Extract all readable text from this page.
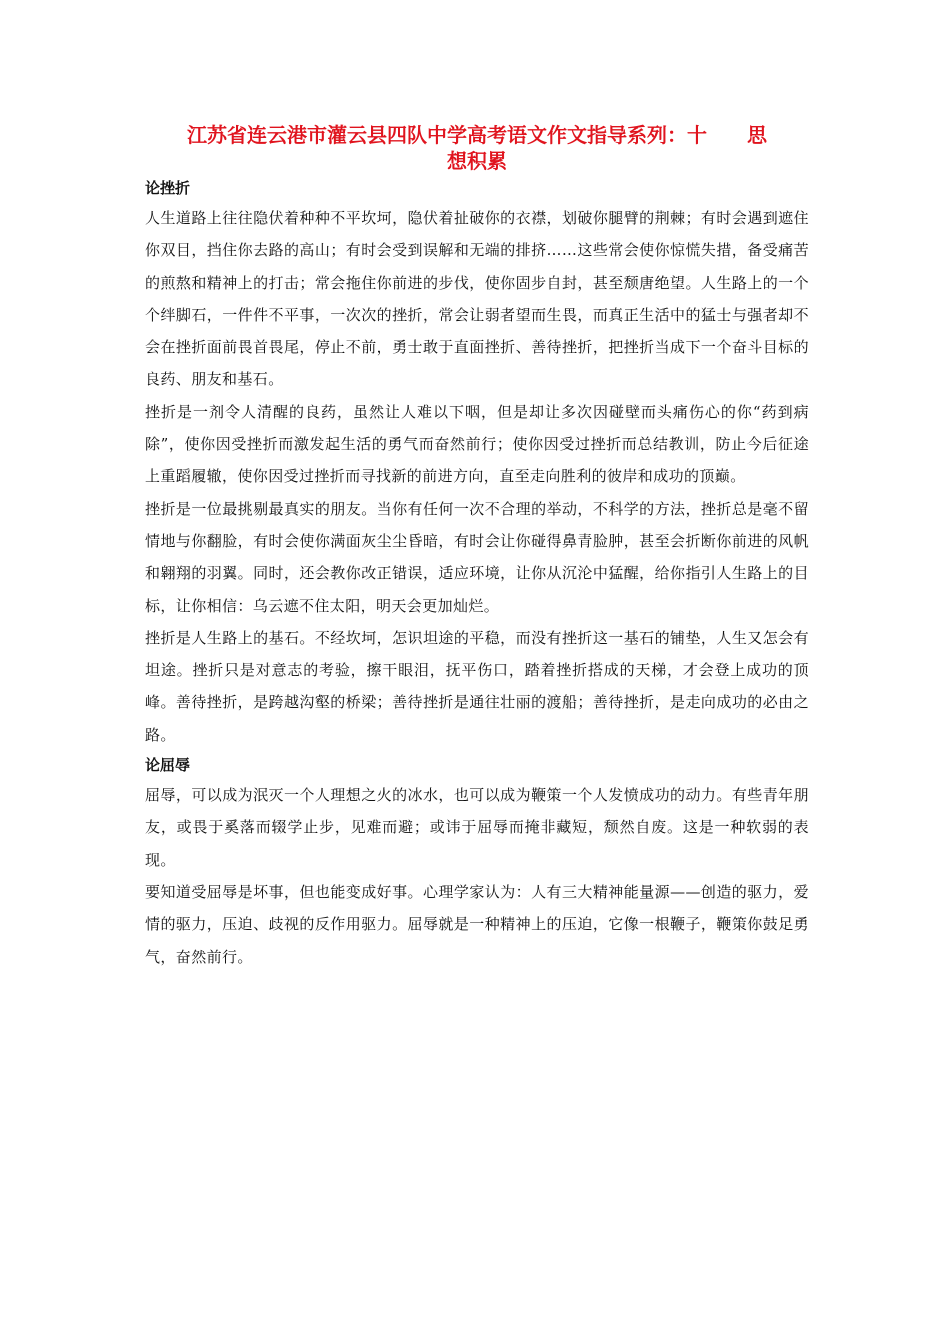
江苏省连云港市灌云县四队中学高考语文作文指导系列：十　　思
想积累
论挫折

人生道路上往往隐伏着种种不平坎坷，隐伏着扯破你的衣襟，划破你腿臂的荆棘；有时会遇到遮住你双目，挡住你去路的高山；有时会受到误解和无端的排挤……这些常会使你惊慌失措，备受痛苦的煎熬和精神上的打击；常会拖住你前进的步伐，使你固步自封，甚至颓唐绝望。人生路上的一个个绊脚石，一件件不平事，一次次的挫折，常会让弱者望而生畏，而真正生活中的猛士与强者却不会在挫折面前畏首畏尾，停止不前，勇士敢于直面挫折、善待挫折，把挫折当成下一个奋斗目标的良药、朋友和基石。

挫折是一剂令人清醒的良药，虽然让人难以下咽，但是却让多次因碰壁而头痛伤心的你“药到病除”，使你因受挫折而激发起生活的勇气而奋然前行；使你因受过挫折而总结教训，防止今后征途上重蹈履辙，使你因受过挫折而寻找新的前进方向，直至走向胜利的彼岸和成功的顶巅。

挫折是一位最挑剔最真实的朋友。当你有任何一次不合理的举动，不科学的方法，挫折总是毫不留情地与你翻脸，有时会使你满面灰尘尘昏暗，有时会让你碰得鼻青脸肿，甚至会折断你前进的风帆和翱翔的羽翼。同时，还会教你改正错误，适应环境，让你从沉沦中猛醒，给你指引人生路上的目标，让你相信：乌云遮不住太阳，明天会更加灿烂。

挫折是人生路上的基石。不经坎坷，怎识坦途的平稳，而没有挫折这一基石的铺垫，人生又怎会有坦途。挫折只是对意志的考验，擦干眼泪，抚平伤口，踏着挫折搭成的天梯，才会登上成功的顶峰。善待挫折，是跨越沟壑的桥梁；善待挫折是通往壮丽的渡船；善待挫折，是走向成功的必由之路。

论屈辱

屈辱，可以成为泯灭一个人理想之火的冰水，也可以成为鞭策一个人发愤成功的动力。有些青年朋友，或畏于奚落而辍学止步，见难而避；或讳于屈辱而掩非藏短，颓然自废。这是一种软弱的表现。

要知道受屈辱是坏事，但也能变成好事。心理学家认为：人有三大精神能量源——创造的驱力，爱情的驱力，压迫、歧视的反作用驱力。屈辱就是一种精神上的压迫，它像一根鞭子，鞭策你鼓足勇气，奋然前行。
